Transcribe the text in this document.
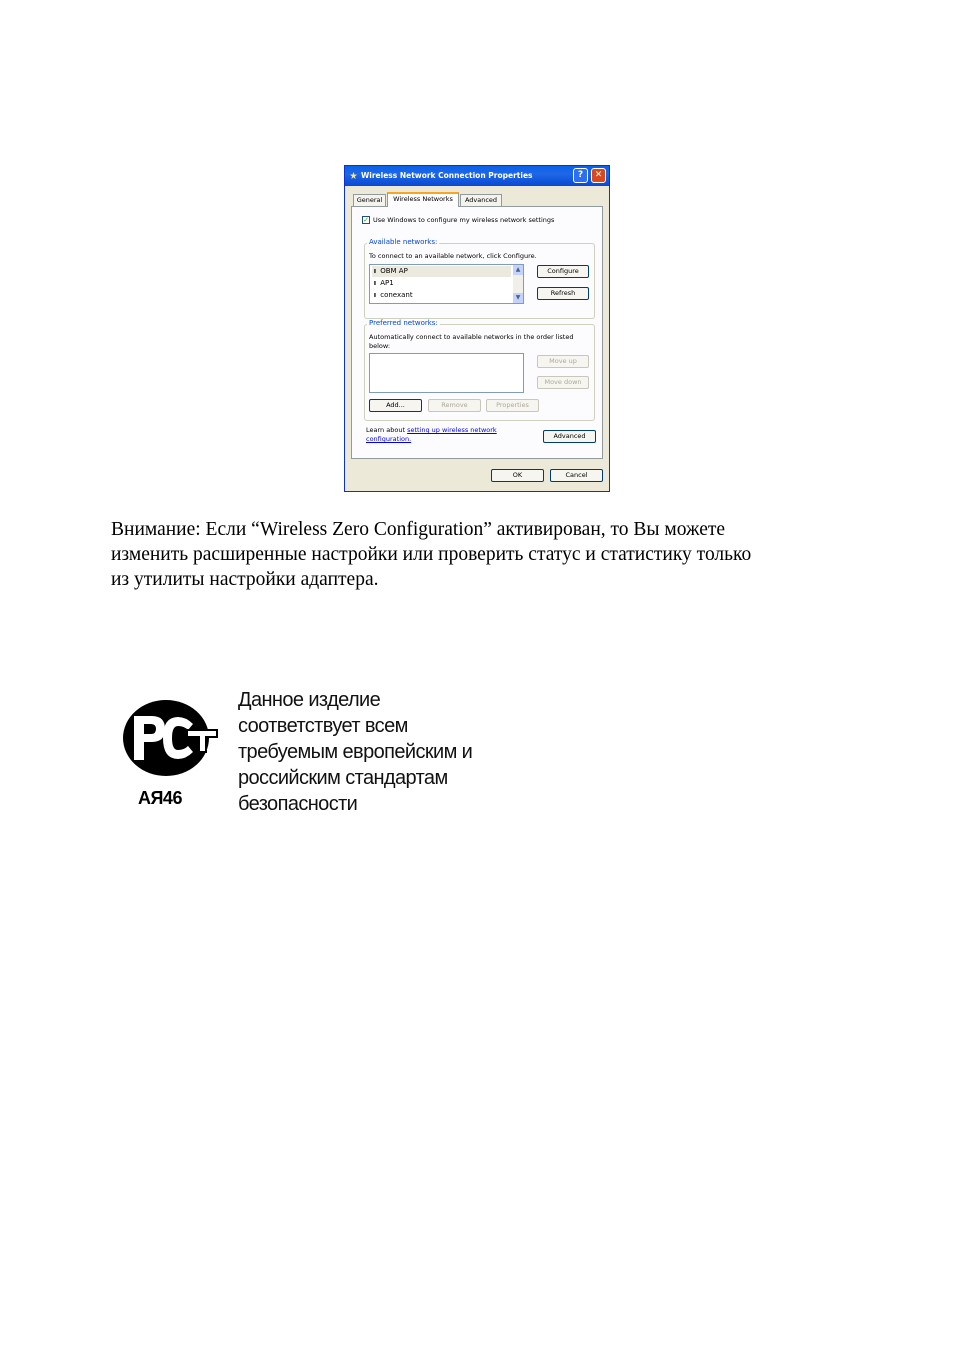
Wireless Network Connection Properties	?	✕
General	Wireless Networks	Advanced
✓ Use Windows to configure my wireless network settings
Available networks:
To connect to an available network, click Configure.
ı OBM AP
ı AP1
ı conexant
▲
▼
Configure
Refresh
Preferred networks:
Automatically connect to available networks in the order listed
below:
Move up
Move down
Add...	Remove	Properties
Learn about setting up wireless network
configuration.	Advanced
OK	Cancel
Внимание: Если “Wireless Zero Configuration” активирован, то Вы можете
изменить расширенные настройки или проверить статус и статистику только
из утилиты настройки адаптера.
АЯ46
Данное изделие
соответствует всем
требуемым европейским и
российским стандартам
безопасности
